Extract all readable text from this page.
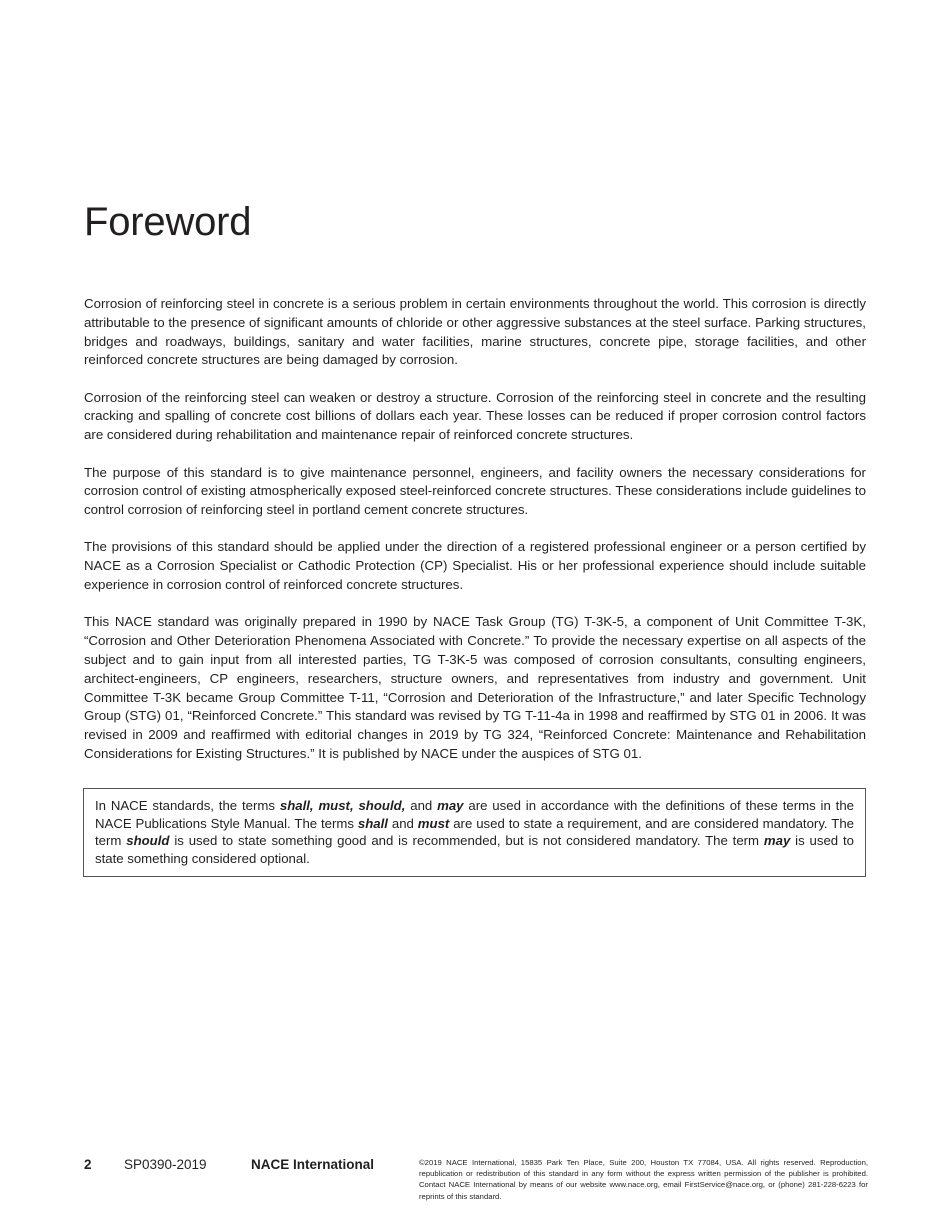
Foreword

Corrosion of reinforcing steel in concrete is a serious problem in certain environments throughout the world. This corrosion is directly attributable to the presence of significant amounts of chloride or other aggressive substances at the steel surface. Parking structures, bridges and roadways, buildings, sanitary and water facilities, marine structures, concrete pipe, storage facilities, and other reinforced concrete structures are being damaged by corrosion.

Corrosion of the reinforcing steel can weaken or destroy a structure. Corrosion of the reinforcing steel in concrete and the resulting cracking and spalling of concrete cost billions of dollars each year. These losses can be reduced if proper corrosion control factors are considered during rehabilitation and maintenance repair of reinforced concrete structures.

The purpose of this standard is to give maintenance personnel, engineers, and facility owners the necessary considerations for corrosion control of existing atmospherically exposed steel-reinforced concrete structures. These considerations include guidelines to control corrosion of reinforcing steel in portland cement concrete structures.

The provisions of this standard should be applied under the direction of a registered professional engineer or a person certified by NACE as a Corrosion Specialist or Cathodic Protection (CP) Specialist. His or her professional experience should include suitable experience in corrosion control of reinforced concrete structures.

This NACE standard was originally prepared in 1990 by NACE Task Group (TG) T-3K-5, a component of Unit Committee T-3K, “Corrosion and Other Deterioration Phenomena Associated with Concrete.” To provide the necessary expertise on all aspects of the subject and to gain input from all interested parties, TG T-3K-5 was composed of corrosion consultants, consulting engineers, architect-engineers, CP engineers, researchers, structure owners, and representatives from industry and government. Unit Committee T-3K became Group Committee T-11, “Corrosion and Deterioration of the Infrastructure,” and later Specific Technology Group (STG) 01, “Reinforced Concrete.” This standard was revised by TG T-11-4a in 1998 and reaffirmed by STG 01 in 2006. It was revised in 2009 and reaffirmed with editorial changes in 2019 by TG 324, “Reinforced Concrete: Maintenance and Rehabilitation Considerations for Existing Structures.” It is published by NACE under the auspices of STG 01.

In NACE standards, the terms shall, must, should, and may are used in accordance with the definitions of these terms in the NACE Publications Style Manual. The terms shall and must are used to state a requirement, and are considered mandatory. The term should is used to state something good and is recommended, but is not considered mandatory. The term may is used to state something considered optional.

2 SP0390-2019	NACE International	©2019 NACE International, 15835 Park Ten Place, Suite 200, Houston TX 77084, USA. All rights reserved. Reproduction, republication or redistribution of this standard in any form without the express written permission of the publisher is prohibited. Contact NACE International by means of our website www.nace.org, email FirstService@nace.org, or (phone) 281-228-6223 for reprints of this standard.
